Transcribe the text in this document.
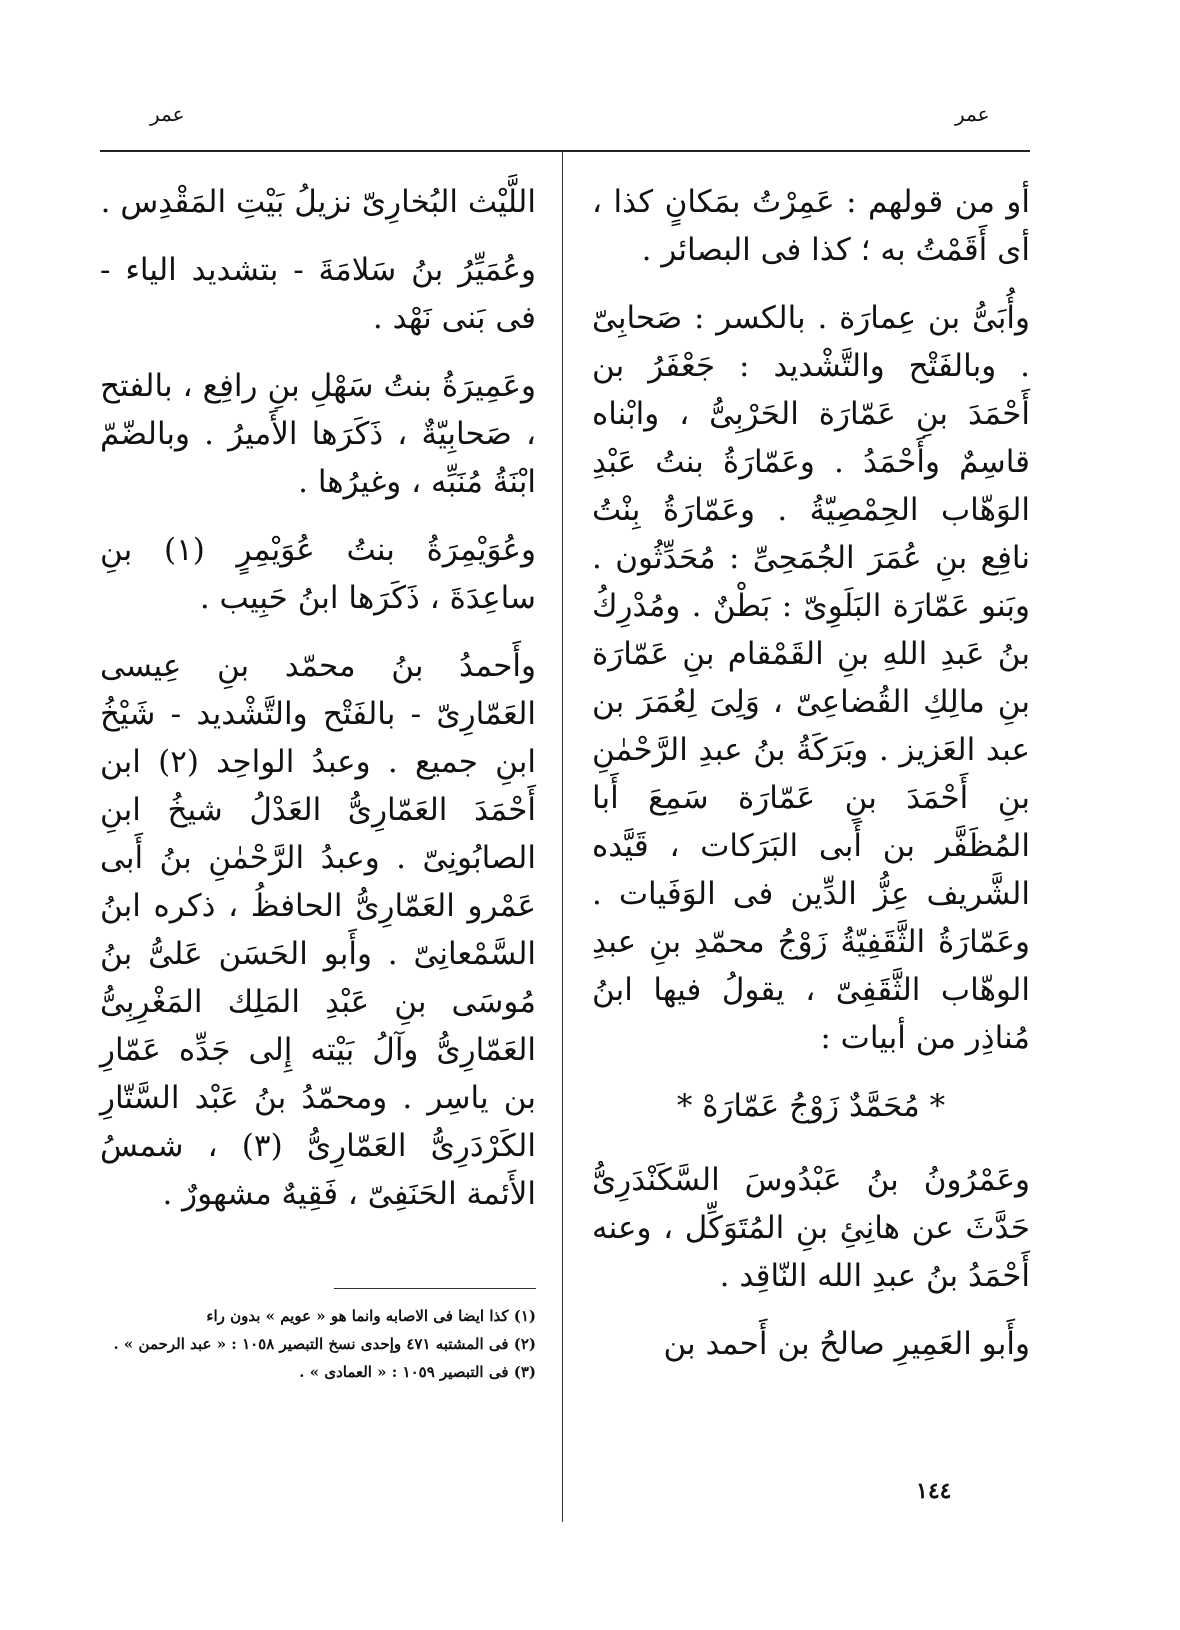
عمر
عمر

أو من قولهم : عَمِرْتُ بمَكانٍ كذا ، أى أَقَمْتُ به ؛ كذا فى البصائر .

وأُبَىُّ بن عِمارَة . بالكسر : صَحابِىّ . وبالفَتْح والتَّشْديد : جَعْفَرُ بن أَحْمَدَ بنِ عَمّارَة الحَرْبِىُّ ، وابْناه قاسِمٌ وأَحْمَدُ . وعَمّارَةُ بنتُ عَبْدِ الوَهّاب الحِمْصِيّةُ . وعَمّارَةُ بِنْتُ نافِع بنِ عُمَرَ الجُمَحِىِّ : مُحَدِّثُون . وبَنو عَمّارَة البَلَوِىّ : بَطْنٌ . ومُدْرِكُ بنُ عَبدِ اللهِ بنِ القَمْقام بنِ عَمّارَة بنِ مالِكِ القُضاعِىّ ، وَلِىَ لِعُمَرَ بن عبد العَزيز . وبَرَكَةُ بنُ عبدِ الرَّحْمٰنِ بنِ أَحْمَدَ بنِ عَمّارَة سَمِعَ أَبا المُظَفَّر بن أَبى البَرَكات ، قَيَّده الشَّريف عِزُّ الدِّين فى الوَفَيات . وعَمّارَةُ الثَّقَفِيّةُ زَوْجُ محمّدِ بنِ عبدِ الوهّاب الثَّقَفِىّ ، يقولُ فيها ابنُ مُناذِر من أبيات :

* مُحَمَّدٌ زَوْجُ عَمّارَهْ *

وعَمْرُونُ بنُ عَبْدُوسَ السَّكَنْدَرِىُّ حَدَّثَ عن هانِئِ بنِ المُتَوَكِّل ، وعنه أَحْمَدُ بنُ عبدِ الله النّاقِد .

وأَبو العَمِيرِ صالحُ بن أَحمد بن

اللَّيْث البُخارِىّ نزيلُ بَيْتِ المَقْدِس .

وعُمَيِّرُ بنُ سَلامَةَ - بتشديد الياء - فى بَنى نَهْد .

وعَمِيرَةُ بنتُ سَهْلِ بنِ رافِع ، بالفتح ، صَحابِيّةٌ ، ذَكَرَها الأَميرُ . وبالضّمّ ابْنَةُ مُنَبِّه ، وغيرُها .

وعُوَيْمِرَةُ بنتُ عُوَيْمِرٍ (١) بنِ ساعِدَةَ ، ذَكَرَها ابنُ حَبِيب .

وأَحمدُ بنُ محمّد بنِ عِيسى العَمّارِىّ - بالفَتْح والتَّشْديد - شَيْخُ ابنِ جميع . وعبدُ الواحِد (٢) ابن أَحْمَدَ العَمّارِىُّ العَدْلُ شيخُ ابنِ الصابُونِىّ . وعبدُ الرَّحْمٰنِ بنُ أَبى عَمْرو العَمّارِىُّ الحافظُ ، ذكره ابنُ السَّمْعانِىّ . وأَبو الحَسَن عَلىُّ بنُ مُوسَى بنِ عَبْدِ المَلِك المَغْرِبِىُّ العَمّارِىُّ وآلُ بَيْته إِلى جَدِّه عَمّارِ بن ياسِر . ومحمّدُ بنُ عَبْد السَّتّارِ الكَرْدَرِىُّ العَمّارِىُّ (٣) ، شمسُ الأَئمة الحَنَفِىّ ، فَقِيهٌ مشهورٌ .

(١) كذا ايضا فى الاصابه وانما هو « عويم » بدون راء

(٢) فى المشتبه ٤٧١ وإحدى نسخ التبصير ١٠٥٨ : « عبد الرحمن » .

(٣) فى التبصير ١٠٥٩ : « العمادى » .

١٤٤
